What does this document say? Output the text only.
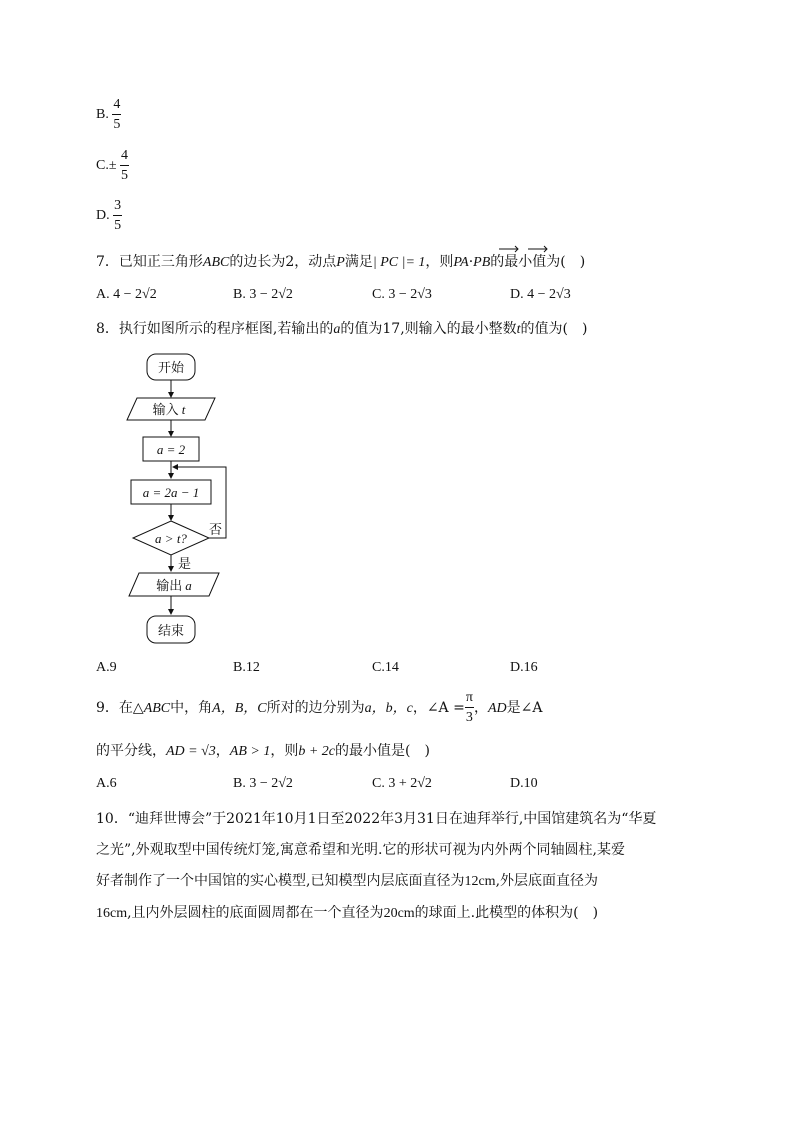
B. $\frac{4}{5}$
$C.\pm \frac{4}{5}$
D. $\frac{3}{5}$
7．已知正三角形ABC的边长为2，动点P满足| PC |= 1，则PA·PB的最小值为(　)
A. 4 − 2√2	B. 3 − 2√2	C. 3 − 2√3	D. 4 − 2√3
8．执行如图所示的程序框图,若输出的a的值为17,则输入的最小整数t的值为(　)
开始
输入 t
a = 2
a = 2a − 1
a > t?
否
是
输出 a
结束
A.9	B.12	C.14	D.16
9．在△ABC中，角A，B，C所对的边分别为a，b，c，∠A = $\frac{\pi}{3}$ ，AD是∠A
的平分线，AD = √3，AB > 1，则b + 2c的最小值是(　)
A.6	B. 3 − 2√2	C. 3 + 2√2	D.10
10．“迪拜世博会”于2021年10月1日至2022年3月31日在迪拜举行,中国馆建筑名为“华夏
之光”,外观取型中国传统灯笼,寓意希望和光明.它的形状可视为内外两个同轴圆柱,某爱
好者制作了一个中国馆的实心模型,已知模型内层底面直径为12cm,外层底面直径为
16cm,且内外层圆柱的底面圆周都在一个直径为20cm的球面上.此模型的体积为(　)
